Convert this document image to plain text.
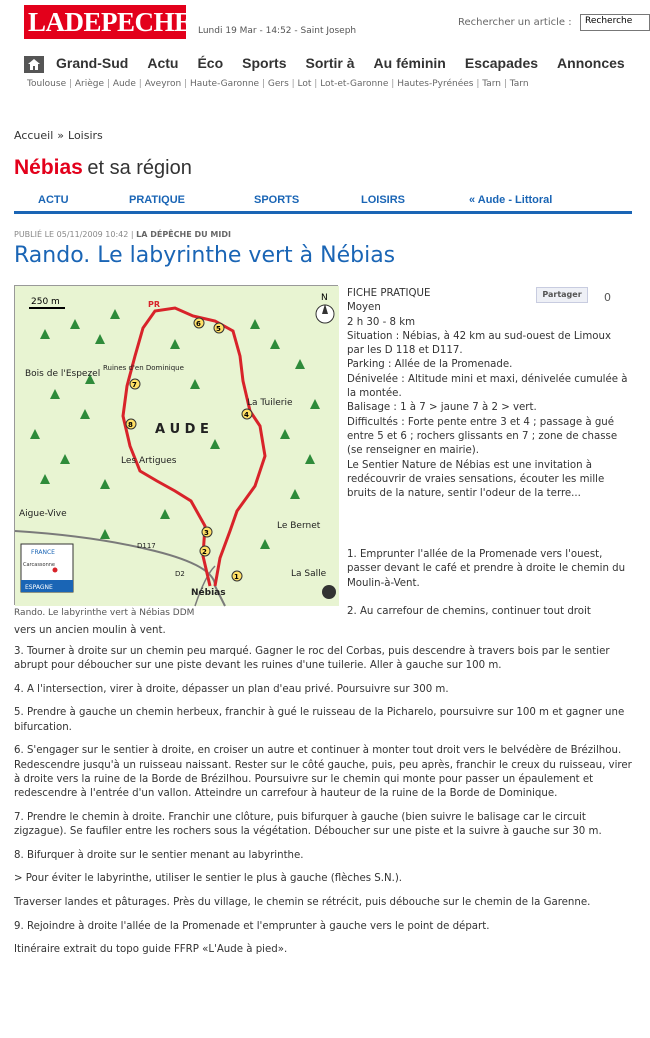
LADEPECHE.fr
Lundi 19 Mar - 14:52 - Saint Joseph
Rechercher un article :	Recherche
Grand-Sud Actu Éco Sports Sortir à Au féminin Escapades Annonces
Toulouse | Ariège | Aude | Aveyron | Haute-Garonne | Gers | Lot | Lot-et-Garonne | Hautes-Pyrénées | Tarn | Tarn
Accueil » Loisirs
Nébias et sa région
ACTU	PRATIQUE	SPORTS	LOISIRS	« Aude - Littoral
PUBLIÉ LE 05/11/2009 10:42 | LA DÉPÊCHE DU MIDI
Rando. Le labyrinthe vert à Nébias
250 m	N
Bois de l'Espezel
Ruines d'en Dominique
A U D E
La Tuilerie
Les Artigues
Aigue-Vive
D117
Le Bernet
La Salle
Nébias
PR
D2	1
2
3
4
5
6
7
8
FRANCE
Carcassonne
ESPAGNE
Rando. Le labyrinthe vert à Nébias DDM
FICHE PRATIQUE
Moyen
2 h 30 - 8 km
Situation : Nébias, à 42 km au sud-ouest de Limoux par les D 118 et D117.
Parking : Allée de la Promenade.
Dénivelée : Altitude mini et maxi, dénivelée cumulée à la montée.
Balisage : 1 à 7 > jaune 7 à 2 > vert.
Difficultés : Forte pente entre 3 et 4 ; passage à gué entre 5 et 6 ; rochers glissants en 7 ; zone de chasse (se renseigner en mairie).
Le Sentier Nature de Nébias est une invitation à redécouvrir de vraies sensations, écouter les mille bruits de la nature, sentir l'odeur de la terre...
Partager	0

1. Emprunter l'allée de la Promenade vers l'ouest, passer devant le café et prendre à droite le chemin du Moulin-à-Vent.

2. Au carrefour de chemins, continuer tout droit
vers un ancien moulin à vent.

3. Tourner à droite sur un chemin peu marqué. Gagner le roc del Corbas, puis descendre à travers bois par le sentier abrupt pour déboucher sur une piste devant les ruines d'une tuilerie. Aller à gauche sur 100 m.

4. A l'intersection, virer à droite, dépasser un plan d'eau privé. Poursuivre sur 300 m.

5. Prendre à gauche un chemin herbeux, franchir à gué le ruisseau de la Picharelo, poursuivre sur 100 m et gagner une bifurcation.

6. S'engager sur le sentier à droite, en croiser un autre et continuer à monter tout droit vers le belvédère de Brézilhou. Redescendre jusqu'à un ruisseau naissant. Rester sur le côté gauche, puis, peu après, franchir le creux du ruisseau, virer à droite vers la ruine de la Borde de Brézilhou. Poursuivre sur le chemin qui monte pour passer un épaulement et redescendre à l'entrée d'un vallon. Atteindre un carrefour à hauteur de la ruine de la Borde de Dominique.

7. Prendre le chemin à droite. Franchir une clôture, puis bifurquer à gauche (bien suivre le balisage car le circuit zigzague). Se faufiler entre les rochers sous la végétation. Déboucher sur une piste et la suivre à gauche sur 30 m.

8. Bifurquer à droite sur le sentier menant au labyrinthe.

> Pour éviter le labyrinthe, utiliser le sentier le plus à gauche (flèches S.N.).

Traverser landes et pâturages. Près du village, le chemin se rétrécit, puis débouche sur le chemin de la Garenne.

9. Rejoindre à droite l'allée de la Promenade et l'emprunter à gauche vers le point de départ.

Itinéraire extrait du topo guide FFRP «L'Aude à pied».
